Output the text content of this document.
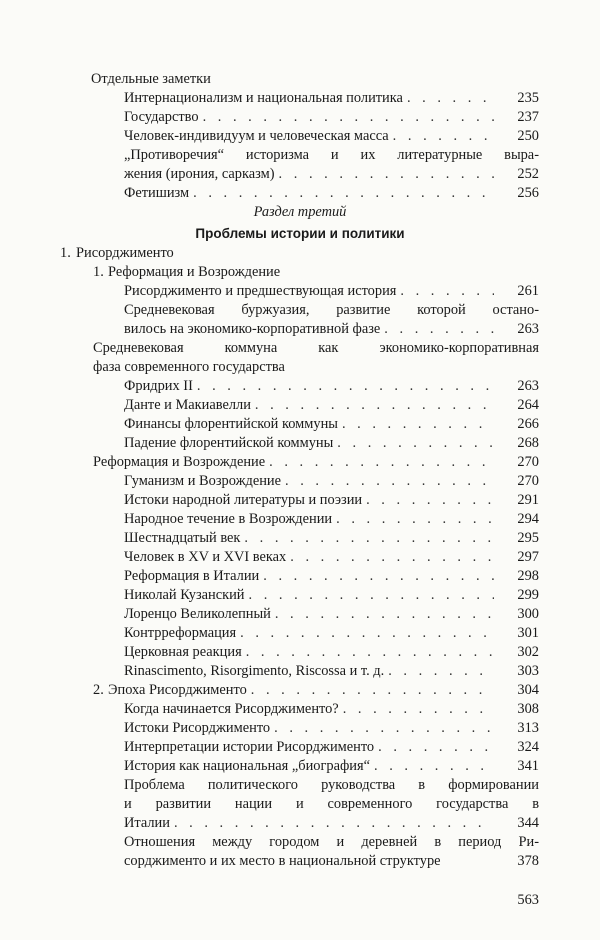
Отдельные заметки
Интернационализм и национальная политика . . .	235
Государство . . .	237
Человек-индивидуум и человеческая масса . . .	250
„Противоречия“ историзма и их литературные выра-
жения (ирония, сарказм) . . .	252
Фетишизм . . .	256
Раздел третий
Проблемы истории и политики
1. Рисорджименто
1. Реформация и Возрождение
Рисорджименто и предшествующая история . . .	261
Средневековая буржуазия, развитие которой остано-
вилось на экономико-корпоративной фазе . . .	263
Средневековая коммуна как экономико-корпоративная
фаза современного государства
Фридрих II . . .	263
Данте и Макиавелли . . .	264
Финансы флорентийской коммуны . . .	266
Падение флорентийской коммуны . . .	268
Реформация и Возрождение . . .	270
Гуманизм и Возрождение . . .	270
Истоки народной литературы и поэзии . . .	291
Народное течение в Возрождении . . .	294
Шестнадцатый век . . .	295
Человек в XV и XVI веках . . .	297
Реформация в Италии . . .	298
Николай Кузанский . . .	299
Лоренцо Великолепный . . .	300
Контрреформация . . .	301
Церковная реакция . . .	302
Rinascimento, Risorgimento, Riscossa и т. д. . . .	303
2. Эпоха Рисорджименто . . .	304
Когда начинается Рисорджименто? . . .	308
Истоки Рисорджименто . . .	313
Интерпретации истории Рисорджименто . . .	324
История как национальная „биография“ . . .	341
Проблема политического руководства в формировании
и развитии нации и современного государства в
Италии . . .	344
Отношения между городом и деревней в период Ри-
сорджименто и их место в национальной структуре	378
563
